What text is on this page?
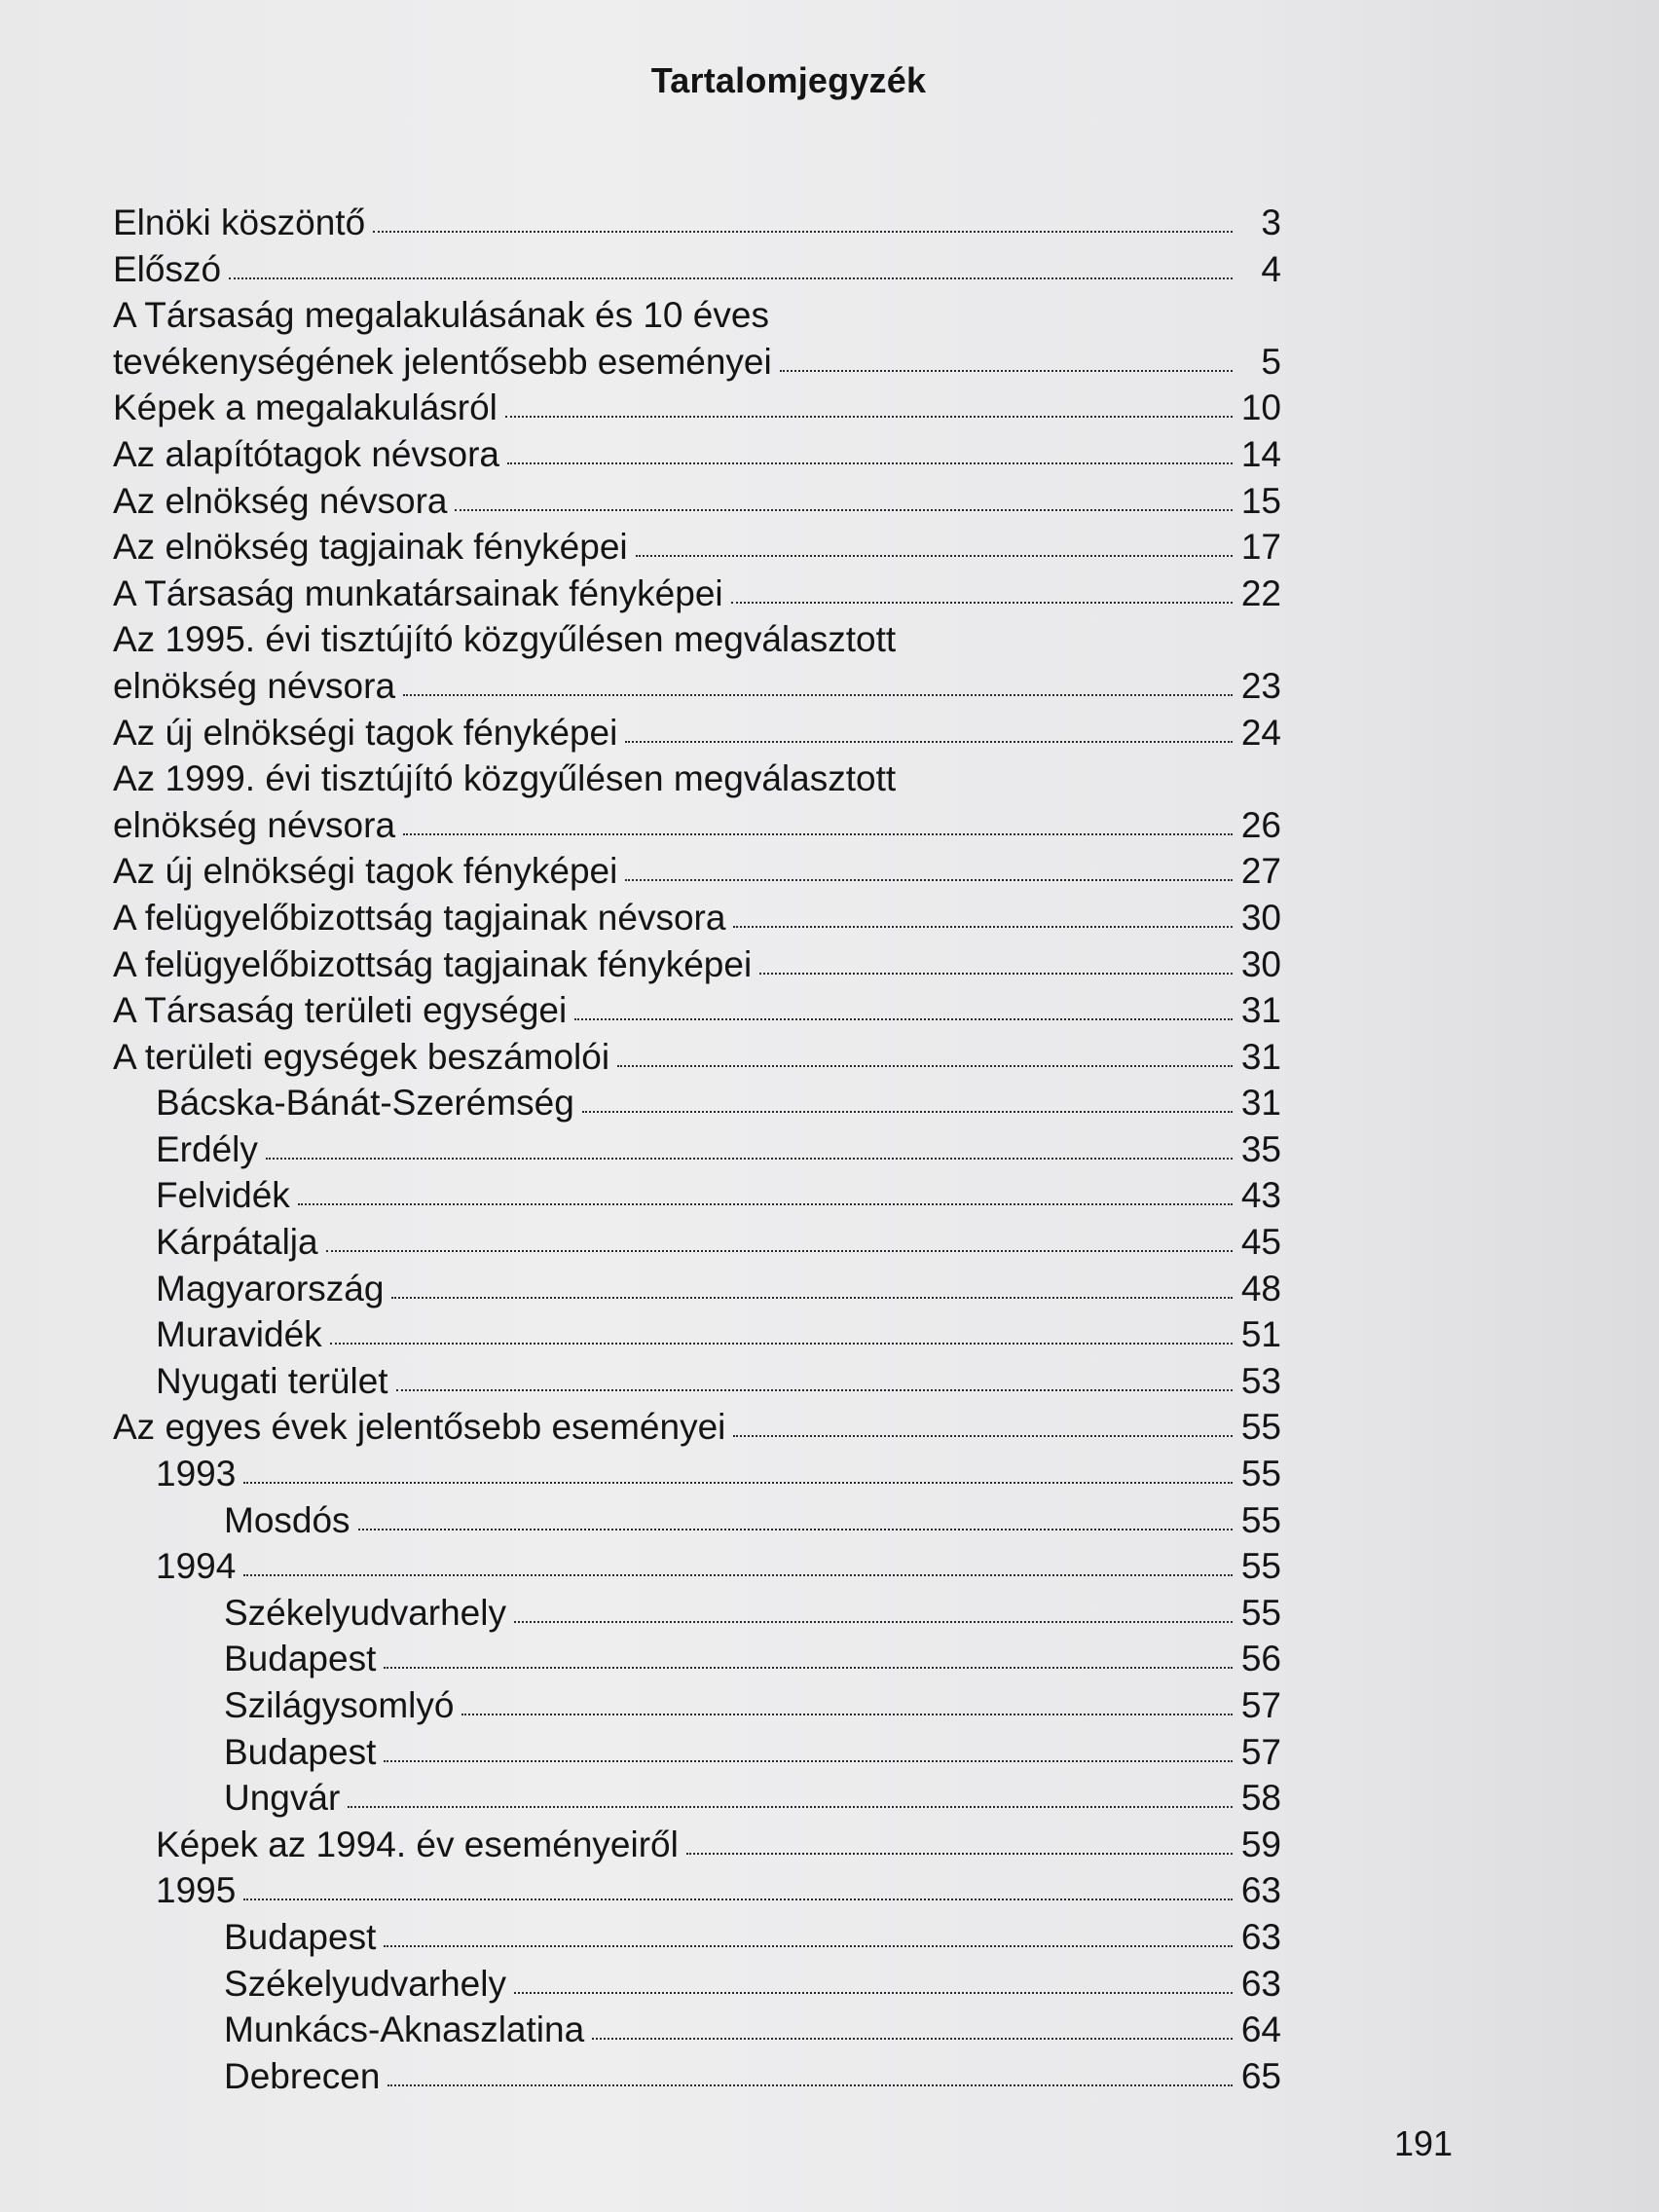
Tartalomjegyzék
Elnöki köszöntő	3
Előszó	4
A Társaság megalakulásának és 10 éves
tevékenységének jelentősebb eseményei	5
Képek a megalakulásról	10
Az alapítótagok névsora	14
Az elnökség névsora	15
Az elnökség tagjainak fényképei	17
A Társaság munkatársainak fényképei	22
Az 1995. évi tisztújító közgyűlésen megválasztott
elnökség névsora	23
Az új elnökségi tagok fényképei	24
Az 1999. évi tisztújító közgyűlésen megválasztott
elnökség névsora	26
Az új elnökségi tagok fényképei	27
A felügyelőbizottság tagjainak névsora	30
A felügyelőbizottság tagjainak fényképei	30
A Társaság területi egységei	31
A területi egységek beszámolói	31
Bácska-Bánát-Szerémség	31
Erdély	35
Felvidék	43
Kárpátalja	45
Magyarország	48
Muravidék	51
Nyugati terület	53
Az egyes évek jelentősebb eseményei	55
1993	55
Mosdós	55
1994	55
Székelyudvarhely	55
Budapest	56
Szilágysomlyó	57
Budapest	57
Ungvár	58
Képek az 1994. év eseményeiről	59
1995	63
Budapest	63
Székelyudvarhely	63
Munkács-Aknaszlatina	64
Debrecen	65
191
